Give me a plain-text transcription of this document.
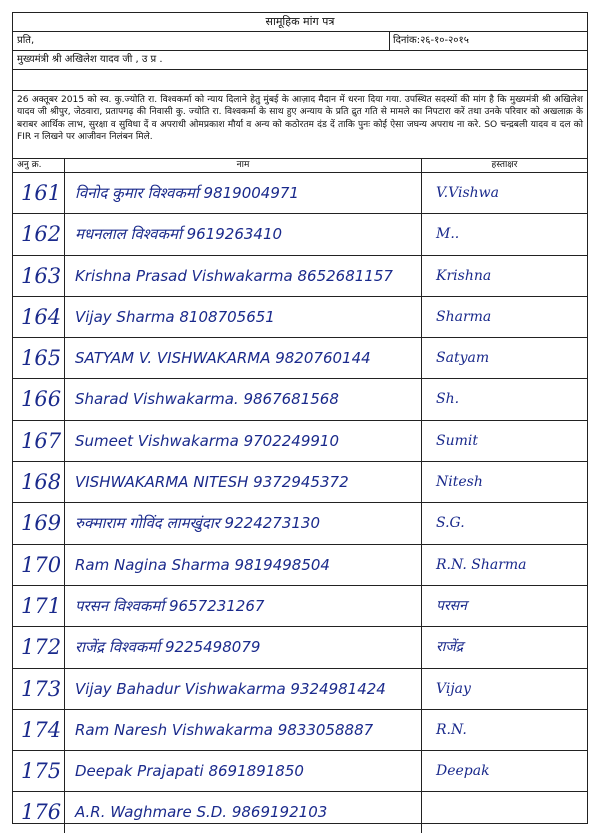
सामूहिक मांग पत्र
प्रति,	दिनांक:२६-१०-२०१५
मुख्यमंत्री श्री अखिलेश यादव जी , उ प्र .
26 अक्तूबर 2015 को स्व. कु.ज्योति रा. विश्वकर्मा को न्याय दिलाने हेतु मुंबई के आज़ाद मैदान में धरना दिया गया. उपस्थित सदस्यों की मांग है कि मुख्यमंत्री श्री अखिलेश यादव जी श्रीपुर, जेठवारा, प्रतापगढ़ की निवासी कु. ज्योति रा. विश्वकर्मा के साथ हुए अन्याय के प्रति द्रुत गति से मामले का निपटारा करें तथा उनके परिवार को अखलाक़ के बराबर आर्थिक लाभ, सुरक्षा व सुविधा दें व अपराधी ओमप्रकाश मौर्या व अन्य को कठोरतम दंड दें ताकि पुनः कोई ऐसा जघन्य अपराध ना करे. SO चन्द्रबली यादव व दल को FIR न लिखने पर आजीवन निलंबन मिले.
अनु क्र.	नाम	हस्ताक्षर
161 विनोद कुमार विश्वकर्मा 9819004971	V.Vishwa
162 मधनलाल विश्वकर्मा 9619263410	M..
163 Krishna Prasad Vishwakarma 8652681157	Krishna
164 Vijay Sharma 8108705651	Sharma
165 SATYAM V. VISHWAKARMA 9820760144	Satyam
166 Sharad Vishwakarma. 9867681568	Sh.
167 Sumeet Vishwakarma 9702249910	Sumit
168 VISHWAKARMA NITESH 9372945372	Nitesh
169 रुक्माराम गोविंद लामखुंदार 9224273130	S.G.
170 Ram Nagina Sharma 9819498504	R.N. Sharma
171 परसन विश्वकर्मा 9657231267	परसन
172 राजेंद्र विश्वकर्मा 9225498079	राजेंद्र
173 Vijay Bahadur Vishwakarma 9324981424	Vijay
174 Ram Naresh Vishwakarma 9833058887	R.N.
175 Deepak Prajapati 8691891850	Deepak
176 A.R. Waghmare S.D. 9869192103
